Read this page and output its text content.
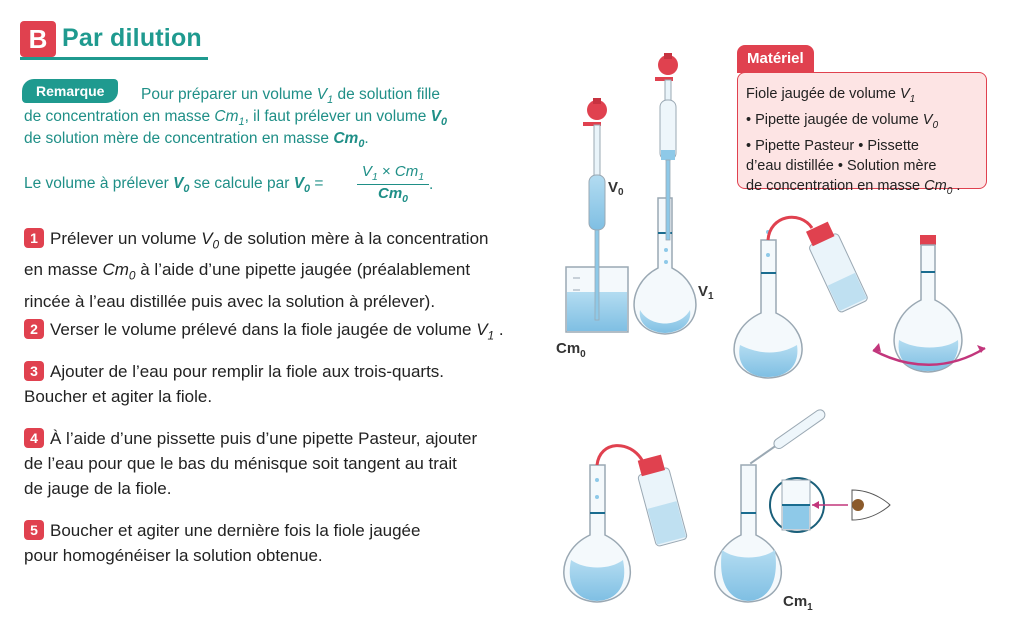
B Par dilution
Remarque	Pour préparer un volume $V_1$ de solution fille
de concentration en masse $Cm_1$, il faut prélever un volume $V_0$
de solution mère de concentration en masse $Cm_0$.
Le volume à prélever $V_0$ se calcule par $V_0$ =
$V_1 \times Cm_1$
$Cm_0$
.
1 Prélever un volume $V_0$ de solution mère à la concentration
en masse $Cm_0$ à l’aide d’une pipette jaugée (préalablement
rincée à l’eau distillée puis avec la solution à prélever).
2 Verser le volume prélevé dans la fiole jaugée de volume $V_1$ .
3 Ajouter de l’eau pour remplir la fiole aux trois-quarts.
Boucher et agiter la fiole.
4 À l’aide d’une pissette puis d’une pipette Pasteur, ajouter
de l’eau pour que le bas du ménisque soit tangent au trait
de jauge de la fiole.
5 Boucher et agiter une dernière fois la fiole jaugée
pour homogénéiser la solution obtenue.
Matériel
Fiole jaugée de volume $V_1$
• Pipette jaugée de volume $V_0$
• Pipette Pasteur • Pissette
d’eau distillée • Solution mère
de concentration en masse $Cm_0$ .
$V_0$
$Cm_0$
$V_1$
$Cm_1$
